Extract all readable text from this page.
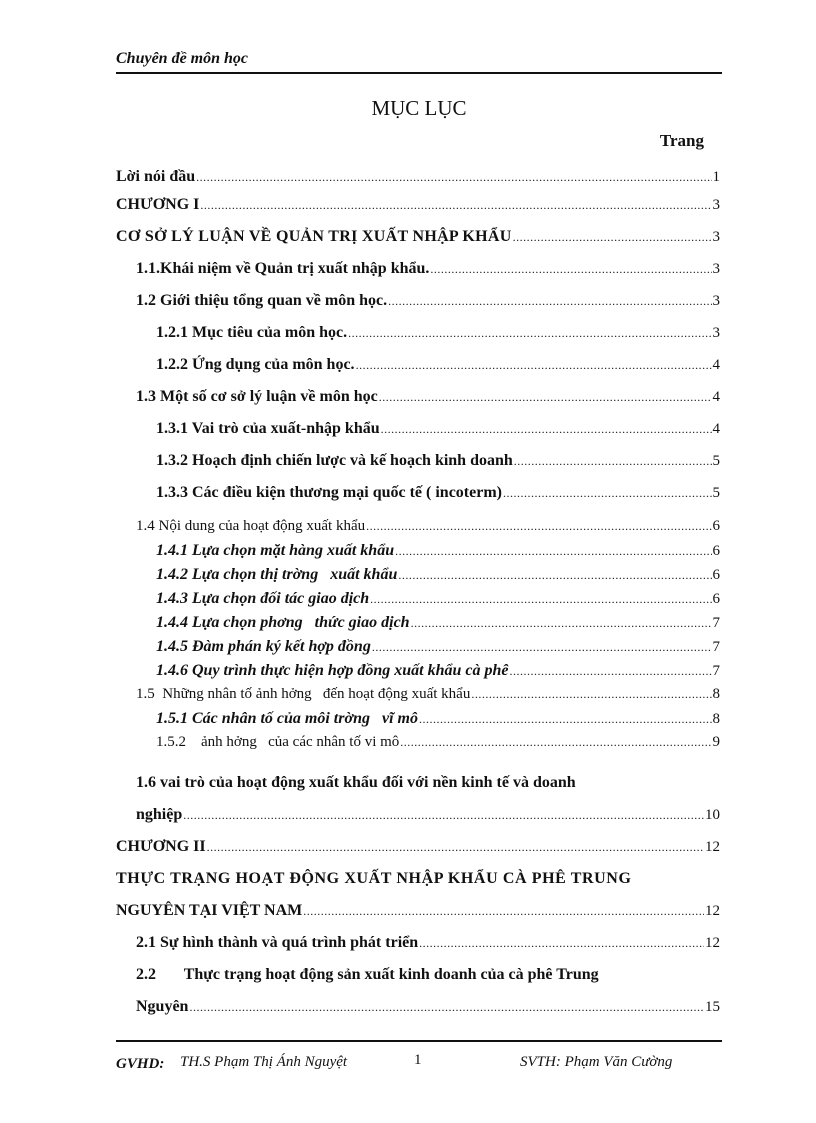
Chuyên đề môn học
MỤC LỤC
Trang
Lời nói đầu .....	1
CHƯƠNG I .....	3
CƠ SỞ LÝ LUẬN VỀ QUẢN TRỊ XUẤT NHẬP KHẨU .....	3
1.1.Khái niệm về Quản trị xuất nhập khẩu. .....	3
1.2 Giới thiệu tổng quan về môn học. .....	3
1.2.1 Mục tiêu của môn học. .....	3
1.2.2 Ứng dụng của môn học. .....	4
1.3 Một số cơ sở lý luận về môn học .....	4
1.3.1 Vai trò của xuất-nhập khẩu .....	4
1.3.2 Hoạch định chiến lược và kế hoạch kinh doanh .....	5
1.3.3 Các điều kiện thương mại quốc tế ( incoterm) .....	5
1.4 Nội dung của hoạt động xuất khẩu .....	6
1.4.1 Lựa chọn mặt hàng xuất khẩu .....	6
1.4.2 Lựa chọn thị trờng   xuất khẩu .....	6
1.4.3 Lựa chọn đối tác giao dịch .....	6
1.4.4 Lựa chọn phơng   thức giao dịch .....	7
1.4.5 Đàm phán ký kết hợp đồng .....	7
1.4.6 Quy trình thực hiện hợp đồng xuất khẩu cà phê .....	7
1.5  Những nhân tố ảnh hởng   đến hoạt động xuất khẩu .....	8
1.5.1 Các nhân tố của môi trờng   vĩ mô .....	8
1.5.2    ảnh hởng   của các nhân tố vi mô .....	9
1.6 vai trò của hoạt động xuất khẩu đối với nền kinh tế và doanh
nghiệp .....	10
CHƯƠNG II .....	12
THỰC TRẠNG HOẠT ĐỘNG XUẤT NHẬP KHẨU CÀ PHÊ TRUNG
NGUYÊN TẠI VIỆT NAM .....	12
2.1 Sự hình thành và quá trình phát triển .....	12
2.2       Thực trạng hoạt động sản xuất kinh doanh của cà phê Trung
Nguyên .....	15
GVHD: TH.S Phạm Thị Ánh Nguyệt	1	SVTH: Phạm Văn Cường
